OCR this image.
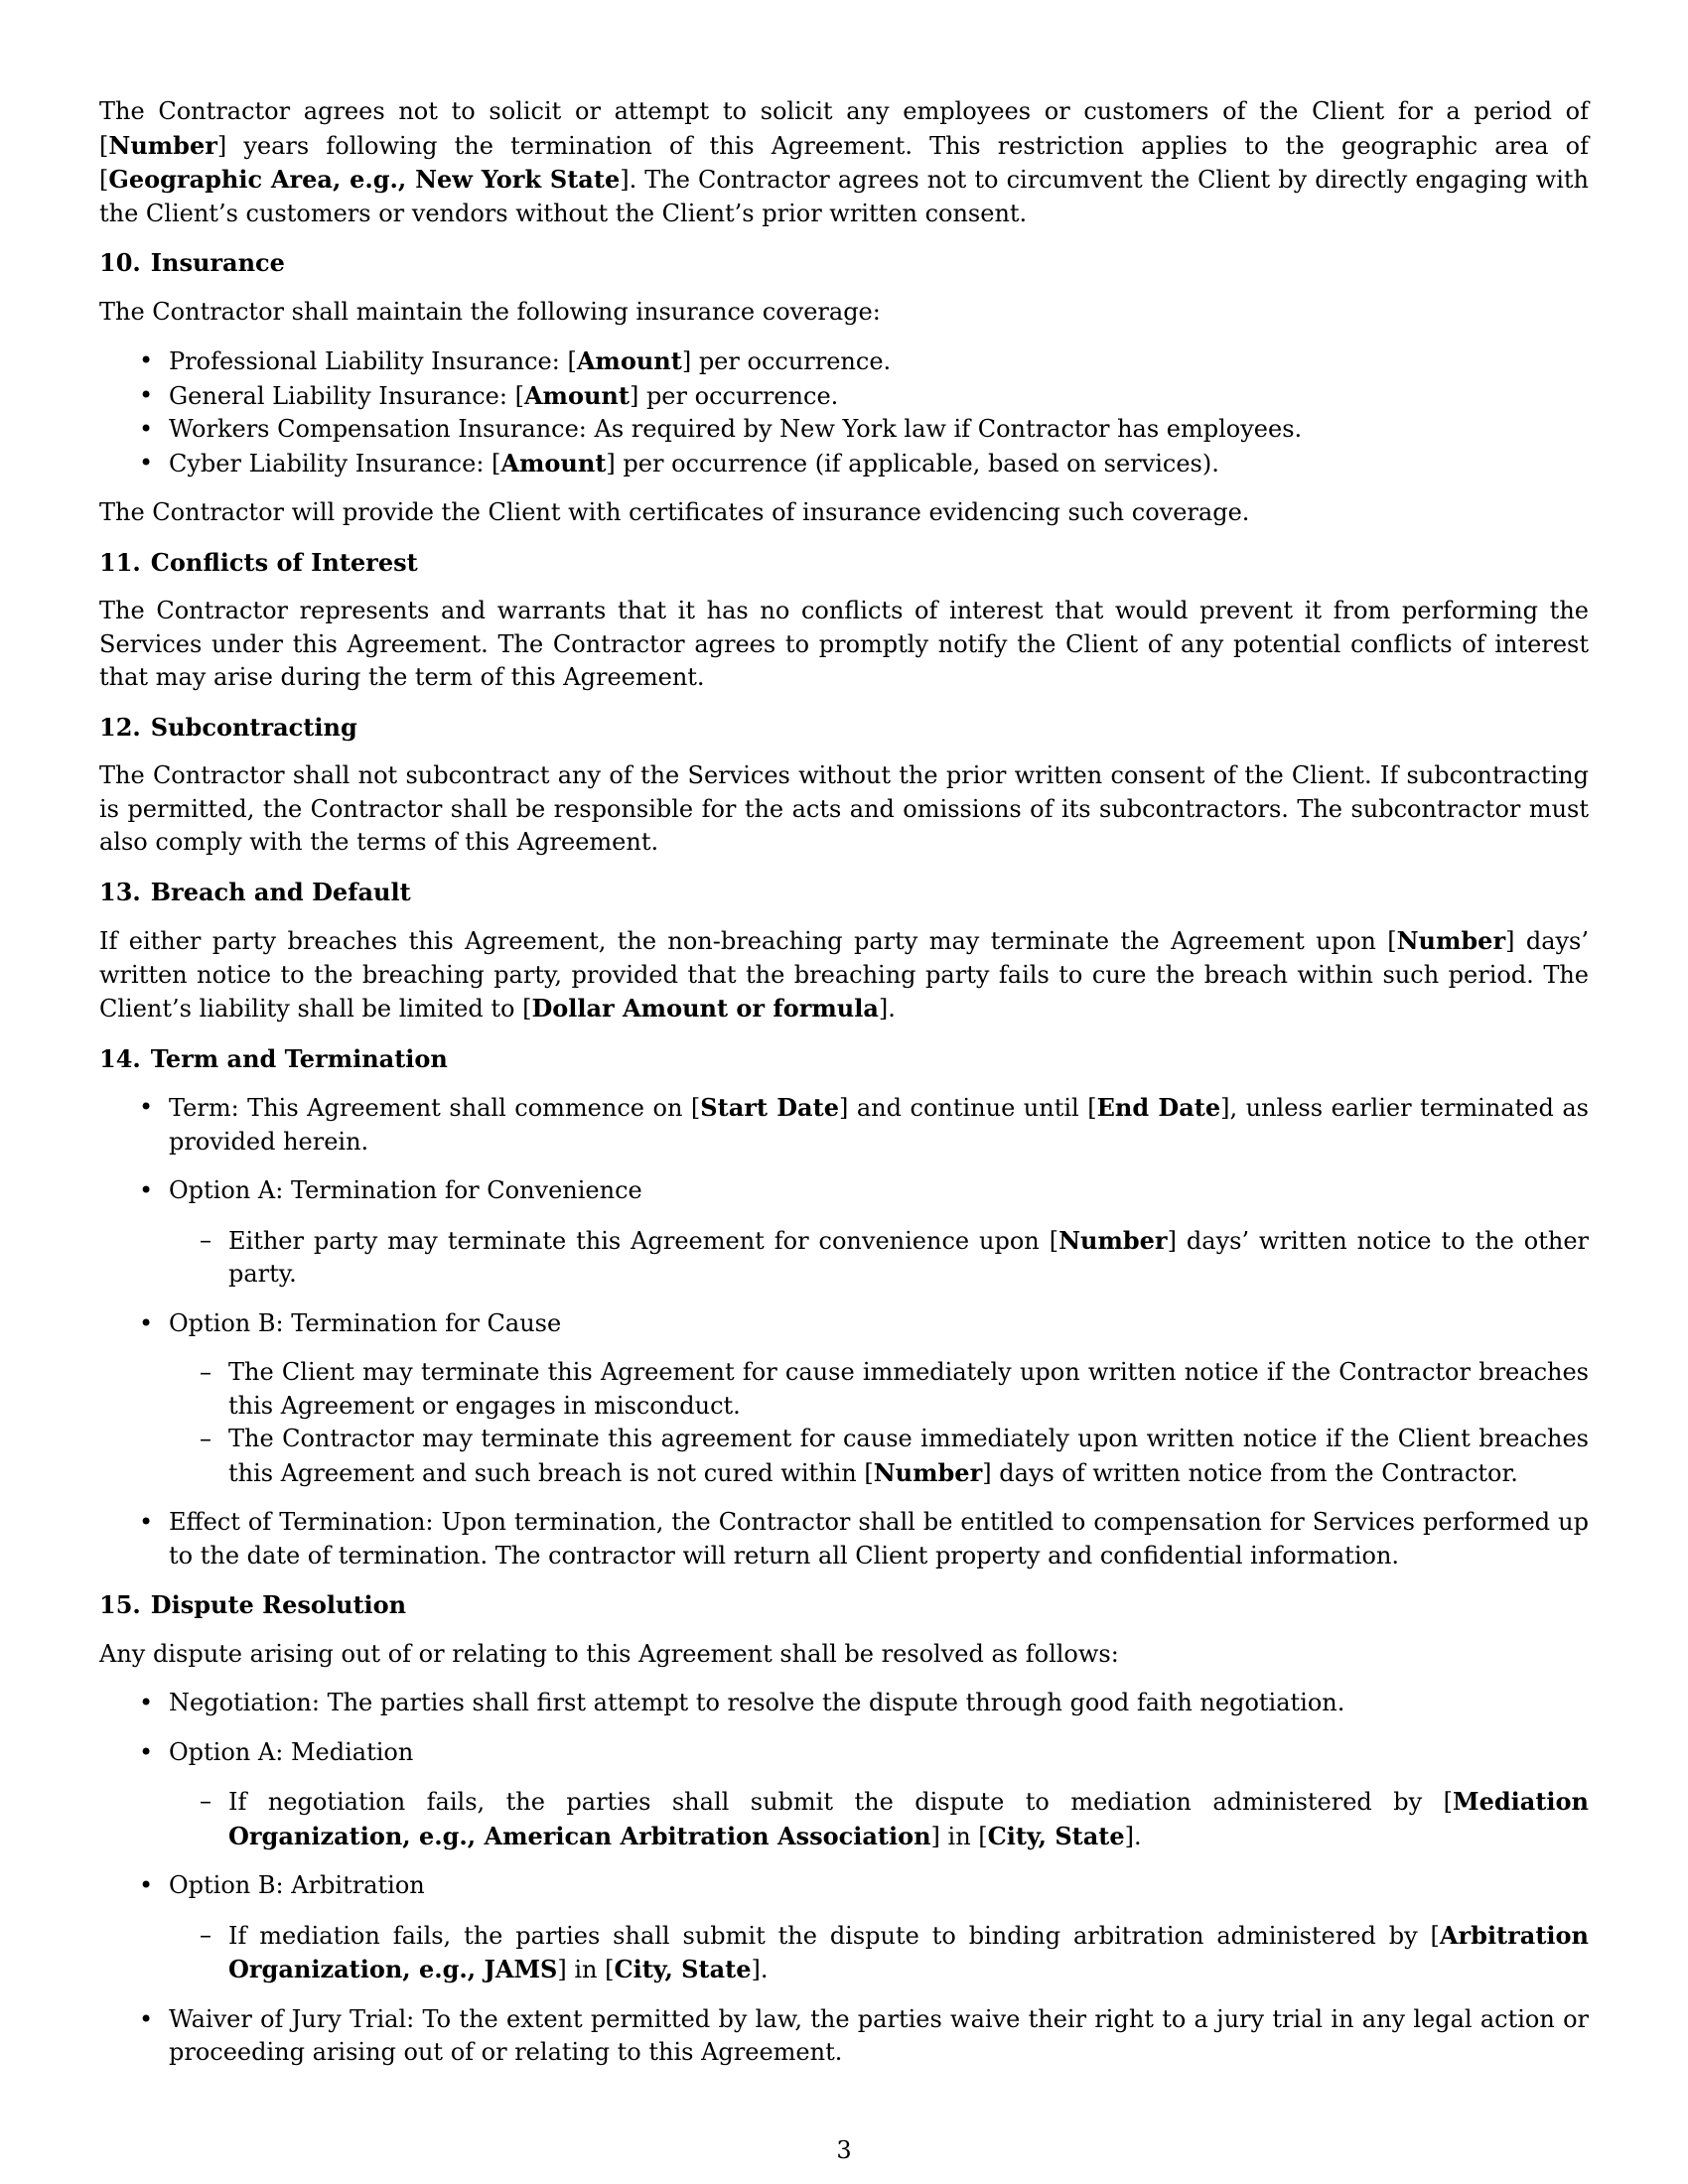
The Contractor agrees not to solicit or attempt to solicit any employees or customers of the Client for a period of [Number] years following the termination of this Agreement. This restriction applies to the geographic area of [Geographic Area, e.g., New York State]. The Contractor agrees not to circumvent the Client by directly engaging with the Client’s customers or vendors without the Client’s prior written consent.

10. Insurance

The Contractor shall maintain the following insurance coverage:

• Professional Liability Insurance: [Amount] per occurrence.
• General Liability Insurance: [Amount] per occurrence.
• Workers Compensation Insurance: As required by New York law if Contractor has employees.
• Cyber Liability Insurance: [Amount] per occurrence (if applicable, based on services).

The Contractor will provide the Client with certificates of insurance evidencing such coverage.

11. Conflicts of Interest

The Contractor represents and warrants that it has no conflicts of interest that would prevent it from performing the Services under this Agreement. The Contractor agrees to promptly notify the Client of any potential conflicts of interest that may arise during the term of this Agreement.

12. Subcontracting

The Contractor shall not subcontract any of the Services without the prior written consent of the Client. If subcontracting is permitted, the Contractor shall be responsible for the acts and omissions of its subcontractors. The subcontractor must also comply with the terms of this Agreement.

13. Breach and Default

If either party breaches this Agreement, the non-breaching party may terminate the Agreement upon [Number] days’ written notice to the breaching party, provided that the breaching party fails to cure the breach within such period. The Client’s liability shall be limited to [Dollar Amount or formula].

14. Term and Termination

• Term: This Agreement shall commence on [Start Date] and continue until [End Date], unless earlier terminated as provided herein.
• Option A: Termination for Convenience
– Either party may terminate this Agreement for convenience upon [Number] days’ written notice to the other party.
• Option B: Termination for Cause
– The Client may terminate this Agreement for cause immediately upon written notice if the Contractor breaches this Agreement or engages in misconduct.
– The Contractor may terminate this agreement for cause immediately upon written notice if the Client breaches this Agreement and such breach is not cured within [Number] days of written notice from the Contractor.
• Effect of Termination: Upon termination, the Contractor shall be entitled to compensation for Services performed up to the date of termination. The contractor will return all Client property and confidential information.

15. Dispute Resolution

Any dispute arising out of or relating to this Agreement shall be resolved as follows:

• Negotiation: The parties shall first attempt to resolve the dispute through good faith negotiation.
• Option A: Mediation
– If negotiation fails, the parties shall submit the dispute to mediation administered by [Mediation Organization, e.g., American Arbitration Association] in [City, State].
• Option B: Arbitration
– If mediation fails, the parties shall submit the dispute to binding arbitration administered by [Arbitration Organization, e.g., JAMS] in [City, State].
• Waiver of Jury Trial: To the extent permitted by law, the parties waive their right to a jury trial in any legal action or proceeding arising out of or relating to this Agreement.
3
